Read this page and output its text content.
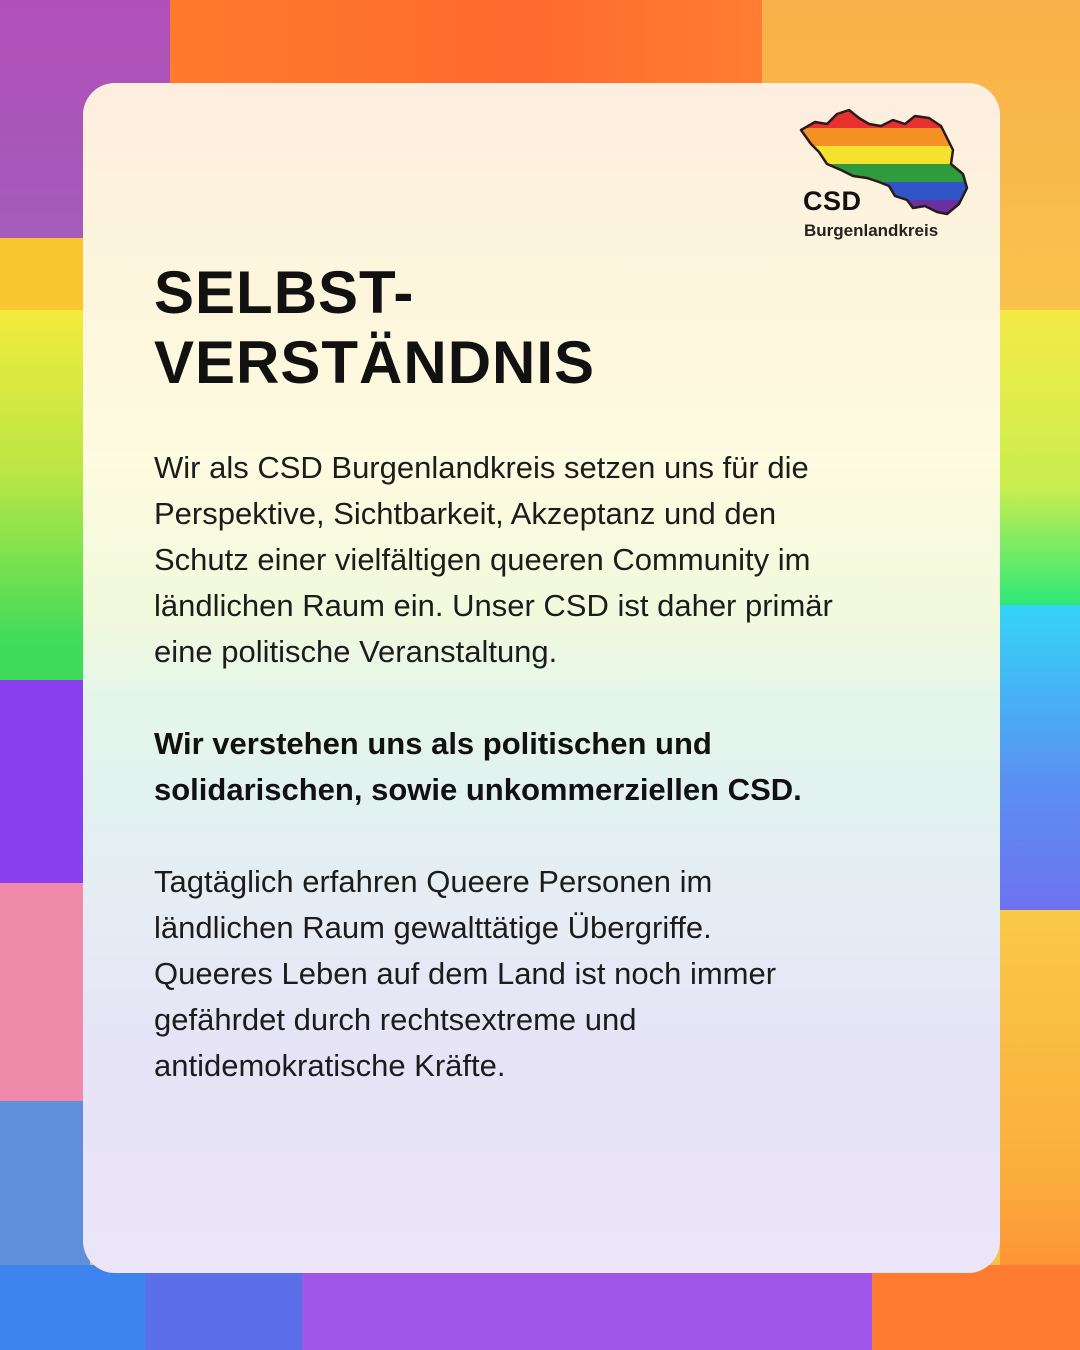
CSD
Burgenlandkreis
SELBST-
VERSTÄNDNIS

Wir als CSD Burgenlandkreis setzen uns für die
Perspektive, Sichtbarkeit, Akzeptanz und den
Schutz einer vielfältigen queeren Community im
ländlichen Raum ein. Unser CSD ist daher primär
eine politische Veranstaltung.

Wir verstehen uns als politischen und
solidarischen, sowie unkommerziellen CSD.

Tagtäglich erfahren Queere Personen im
ländlichen Raum gewalttätige Übergriffe.
Queeres Leben auf dem Land ist noch immer
gefährdet durch rechtsextreme und
antidemokratische Kräfte.
